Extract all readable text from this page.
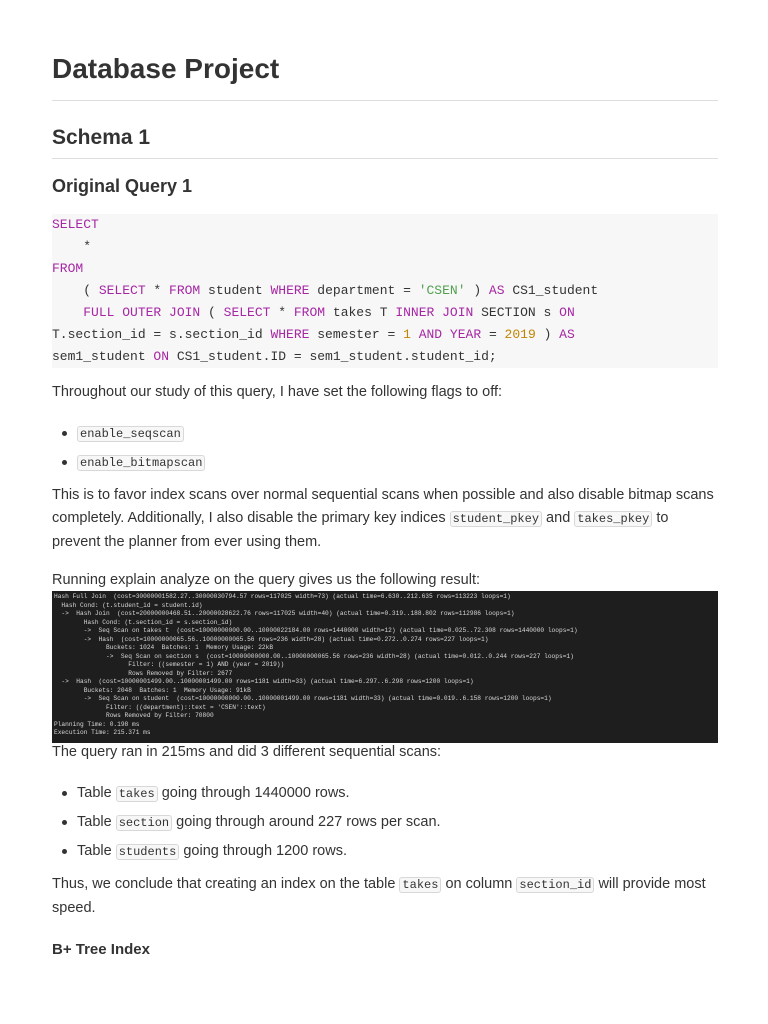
Database Project
Schema 1
Original Query 1
SELECT
*
FROM
( SELECT * FROM student WHERE department = 'CSEN' ) AS CS1_student
FULL OUTER JOIN ( SELECT * FROM takes T INNER JOIN SECTION s ON
T.section_id = s.section_id WHERE semester = 1 AND YEAR = 2019 ) AS
sem1_student ON CS1_student.ID = sem1_student.student_id;

Throughout our study of this query, I have set the following flags to off:

enable_seqscan
enable_bitmapscan

This is to favor index scans over normal sequential scans when possible and also disable bitmap scans completely. Additionally, I also disable the primary key indices student_pkey and takes_pkey to prevent the planner from ever using them.

Running explain analyze on the query gives us the following result:

Hash Full Join  (cost=30000001582.27..30000030794.57 rows=117025 width=73) (actual time=6.630..212.635 rows=113223 loops=1)
Hash Cond: (t.student_id = student.id)
->  Hash Join  (cost=20000000468.51..20000028622.76 rows=117025 width=40) (actual time=0.319..188.802 rows=112986 loops=1)
Hash Cond: (t.section_id = s.section_id)
->  Seq Scan on takes t  (cost=10000000000.00..10000022184.00 rows=1440000 width=12) (actual time=0.025..72.308 rows=1440000 loops=1)
->  Hash  (cost=10000000065.56..10000000065.56 rows=236 width=28) (actual time=0.272..0.274 rows=227 loops=1)
Buckets: 1024  Batches: 1  Memory Usage: 22kB
->  Seq Scan on section s  (cost=10000000000.00..10000000065.56 rows=236 width=28) (actual time=0.012..0.244 rows=227 loops=1)
Filter: ((semester = 1) AND (year = 2019))
Rows Removed by Filter: 2677
->  Hash  (cost=10000001499.00..10000001499.00 rows=1181 width=33) (actual time=6.297..6.298 rows=1200 loops=1)
Buckets: 2048  Batches: 1  Memory Usage: 91kB
->  Seq Scan on student  (cost=10000000000.00..10000001499.00 rows=1181 width=33) (actual time=0.019..6.158 rows=1200 loops=1)
Filter: ((department)::text = 'CSEN'::text)
Rows Removed by Filter: 70800
Planning Time: 0.198 ms
Execution Time: 215.371 ms

The query ran in 215ms and did 3 different sequential scans:

Table takes going through 1440000 rows.
Table section going through around 227 rows per scan.
Table students going through 1200 rows.

Thus, we conclude that creating an index on the table takes on column section_id will provide most speed.

B+ Tree Index
